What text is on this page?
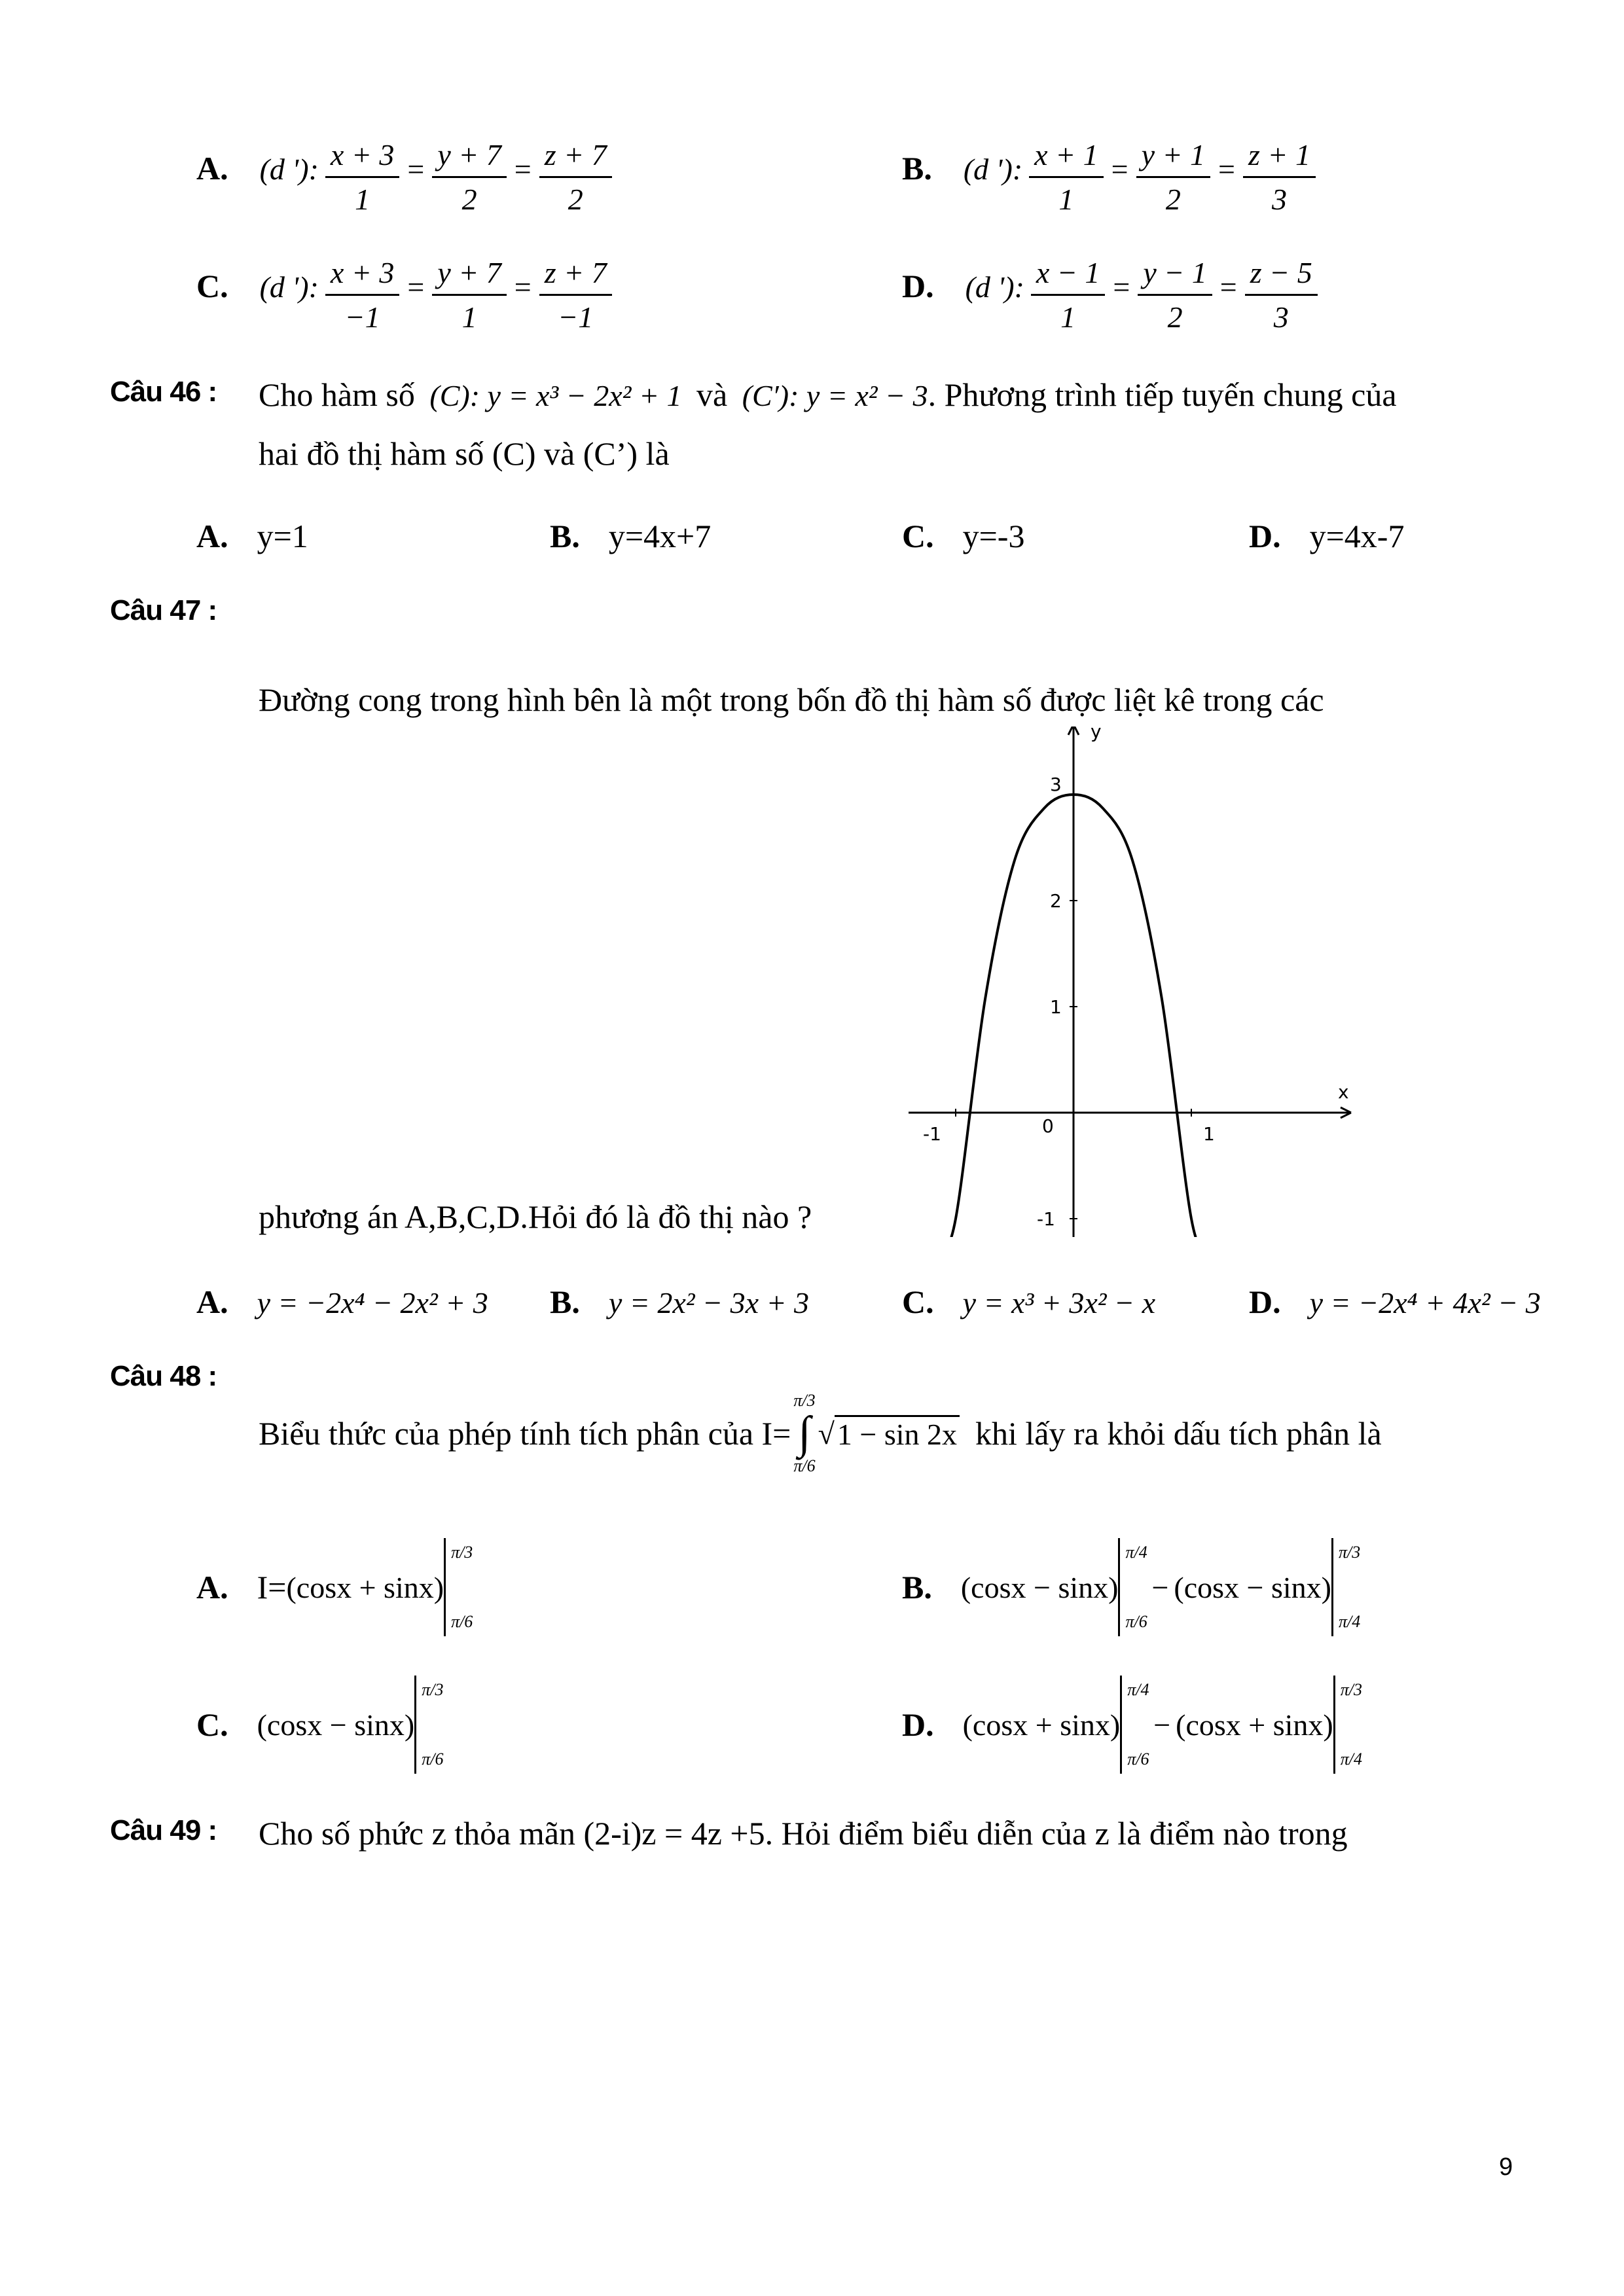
A. (d '): $\frac{x + 3}{1} = \frac{y + 7}{2} = \frac{z + 7}{2}$	B. (d '): $\frac{x + 1}{1} = \frac{y + 1}{2} = \frac{z + 1}{3}$
C. (d '): $\frac{x + 3}{-1} = \frac{y + 7}{1} = \frac{z + 7}{-1}$	D. (d '): $\frac{x - 1}{1} = \frac{y - 1}{2} = \frac{z - 5}{3}$
Câu 46 : Cho hàm số (C): y = x³ − 2x² + 1 và (C′): y = x² − 3. Phương trình tiếp tuyến chung của
hai đồ thị hàm số (C) và (C’) là
A. y=1	B. y=4x+7	C. y=-3	D. y=4x-7
Câu 47 :
Đường cong trong hình bên là một trong bốn đồ thị hàm số được liệt kê trong các
phương án A,B,C,D.Hỏi đó là đồ thị nào ?
x
y
-1	0	1
3
2
1
-1
A. y = −2x⁴ − 2x² + 3 B. y = 2x² − 3x + 3	C. y = x³ + 3x² − x	D. y = −2x⁴ + 4x² − 3
Câu 48 :
Biểu thức của phép tính tích phân của I=
π/3
∫
π/6
√ 1 − sin 2x khi lấy ra khỏi dấu tích phân là
A. I= (cosx + sinx)
π/3
π/6
B. (cosx − sinx)
π/4
π/6
− (cosx − sinx)
π/3
π/4
C. (cosx − sinx)
π/3
π/6
D. (cosx + sinx)
π/4
π/6
− (cosx + sinx)
π/3
π/4
Câu 49 : Cho số phức z thỏa mãn (2-i)z = 4z +5. Hỏi điểm biểu diễn của z là điểm nào trong
9
